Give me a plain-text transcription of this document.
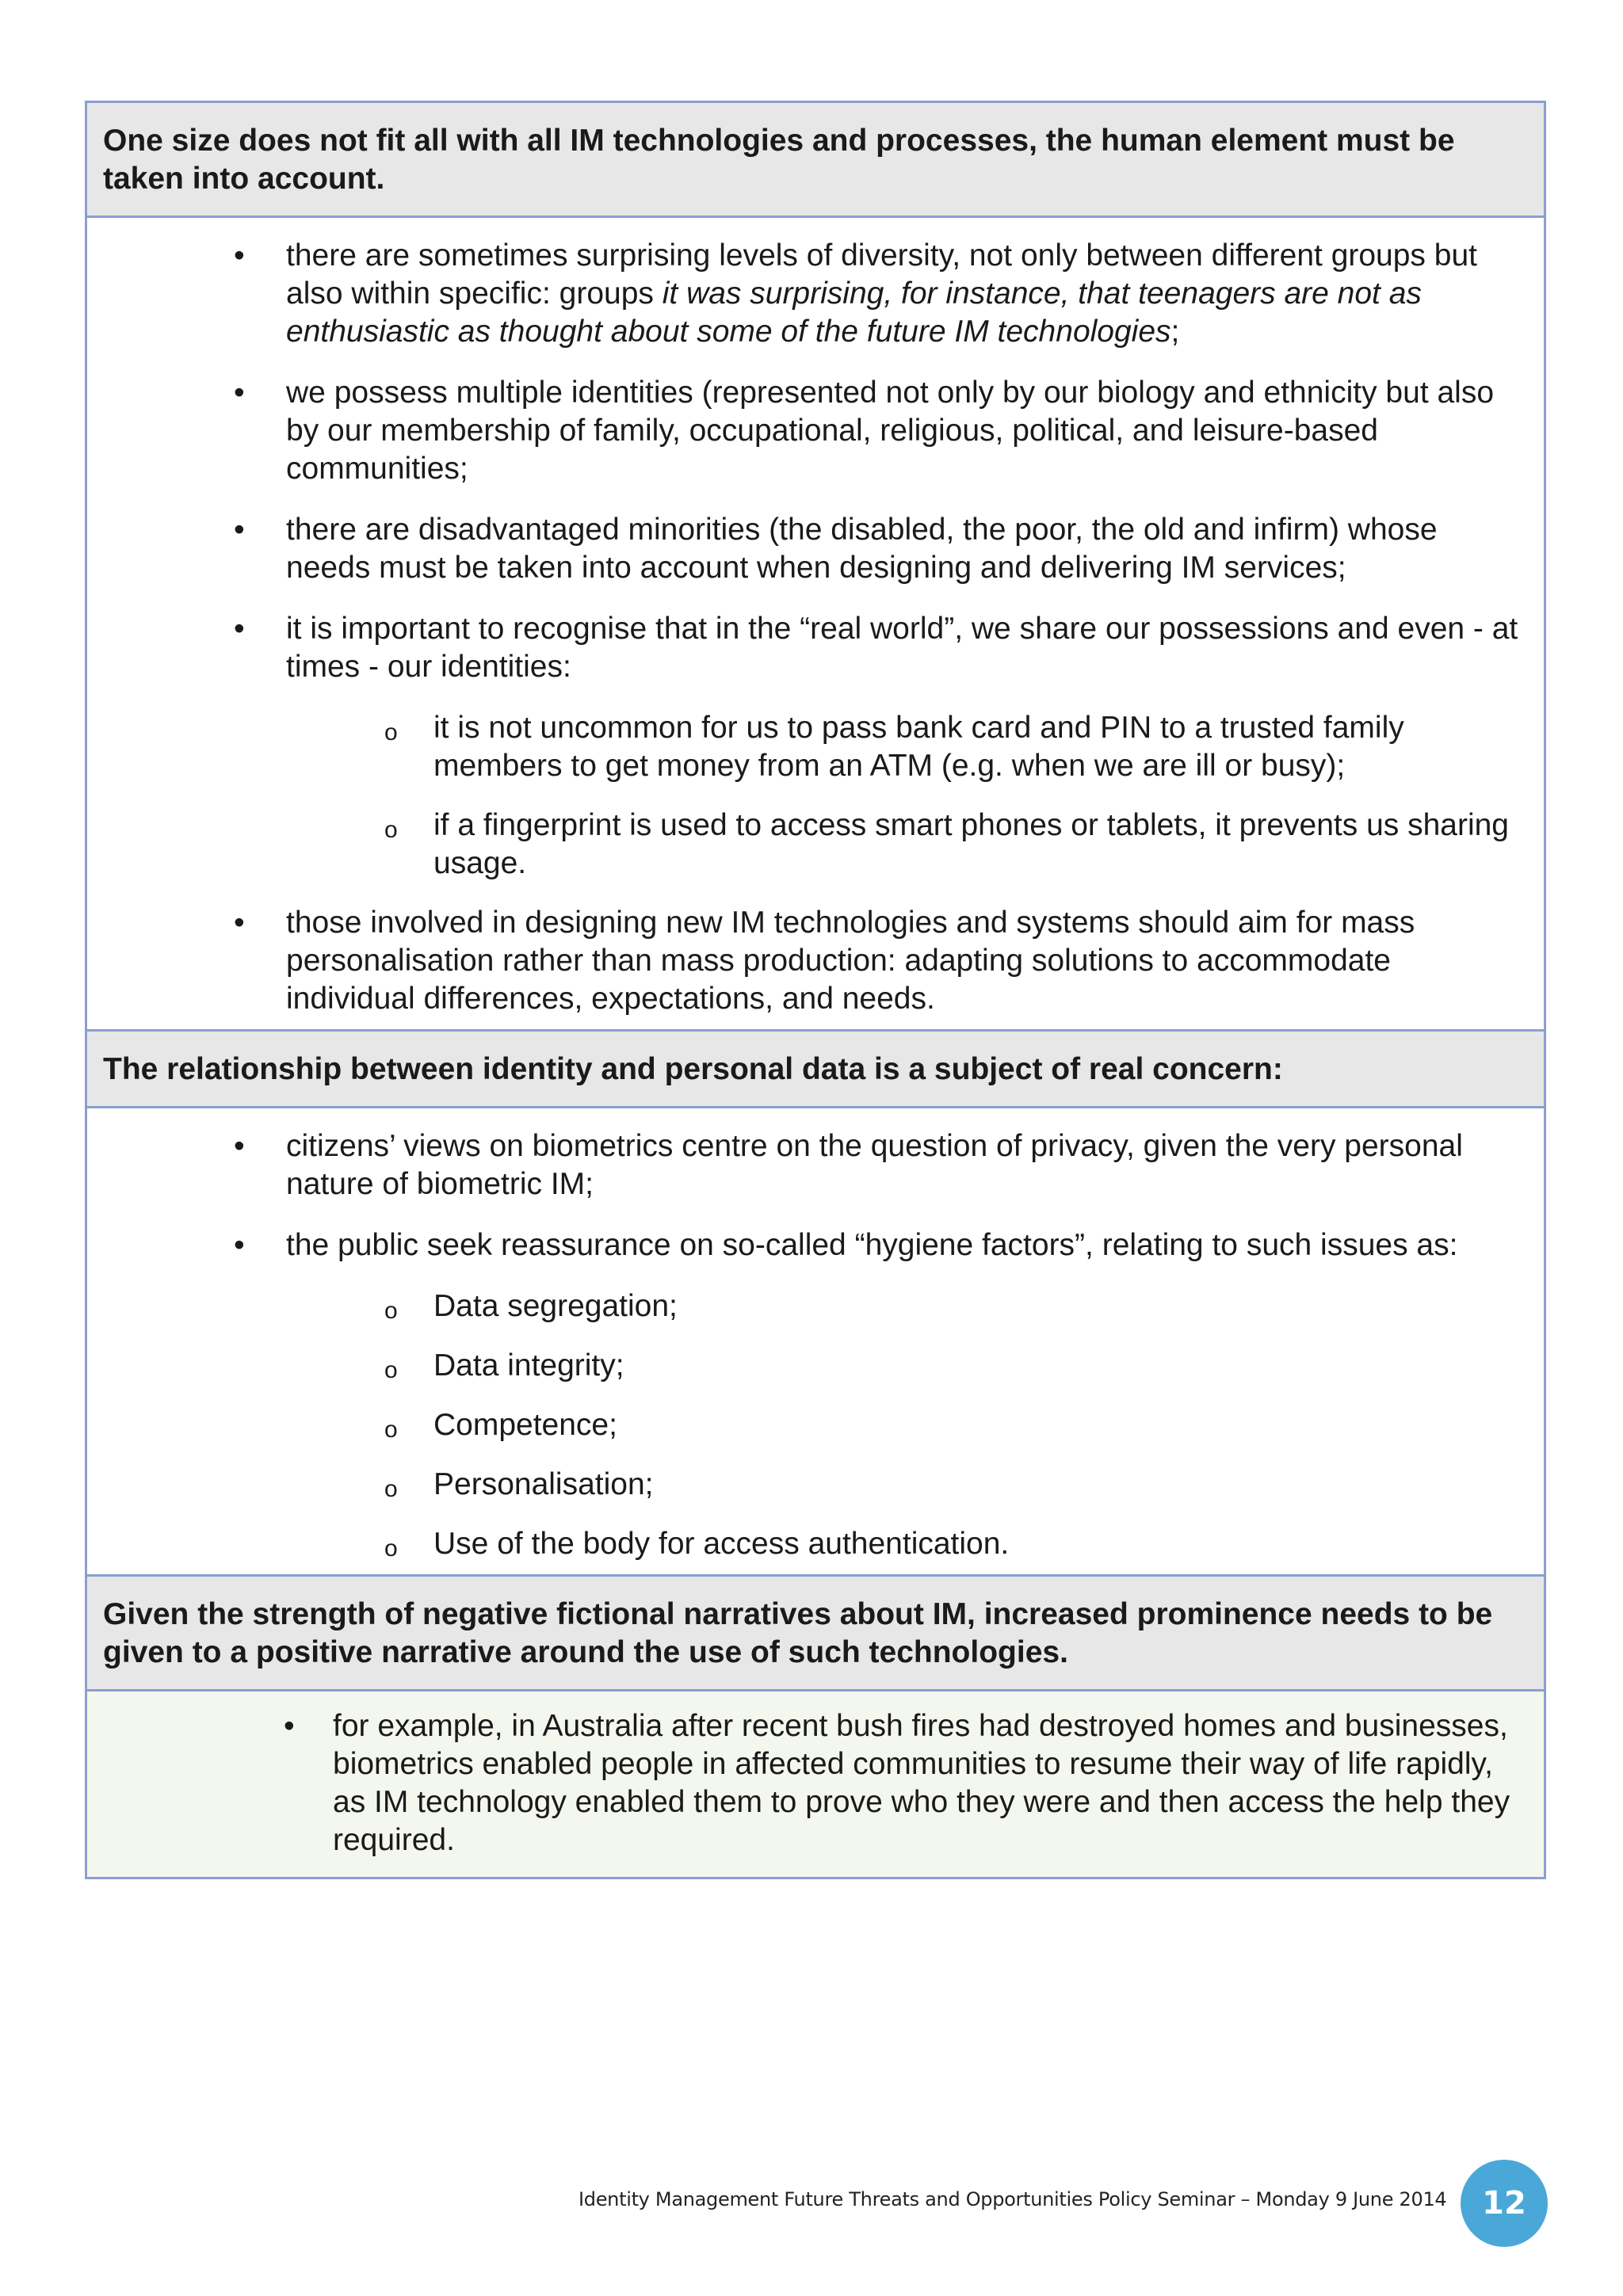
One size does not fit all with all IM technologies and processes, the human element must be taken into account.
•	there are sometimes surprising levels of diversity, not only between different groups but also within specific: groups it was surprising, for instance, that teenagers are not as enthusiastic as thought about some of the future IM technologies;
•	we possess multiple identities (represented not only by our biology and ethnicity but also by our membership of family, occupational, religious, political, and leisure-based communities;
•	there are disadvantaged minorities (the disabled, the poor, the old and infirm) whose needs must be taken into account when designing and delivering IM services;
•	it is important to recognise that in the “real world”, we share our possessions and even - at times - our identities:
o it is not uncommon for us to pass bank card and PIN to a trusted family members to get money from an ATM (e.g. when we are ill or busy);
o if a fingerprint is used to access smart phones or tablets, it prevents us sharing usage.
•	those involved in designing new IM technologies and systems should aim for mass personalisation rather than mass production: adapting solutions to accommodate individual differences, expectations, and needs.
The relationship between identity and personal data is a subject of real concern:
•	citizens’ views on biometrics centre on the question of privacy, given the very personal nature of biometric IM;
•	the public seek reassurance on so-called “hygiene factors”, relating to such issues as:
o Data segregation;
o Data integrity;
o Competence;
o Personalisation;
o Use of the body for access authentication.
Given the strength of negative fictional narratives about IM, increased prominence needs to be given to a positive narrative around the use of such technologies.
•	for example, in Australia after recent bush fires had destroyed homes and businesses, biometrics enabled people in affected communities to resume their way of life rapidly, as IM technology enabled them to prove who they were and then access the help they required.
Identity Management Future Threats and Opportunities Policy Seminar – Monday 9 June 2014 12
